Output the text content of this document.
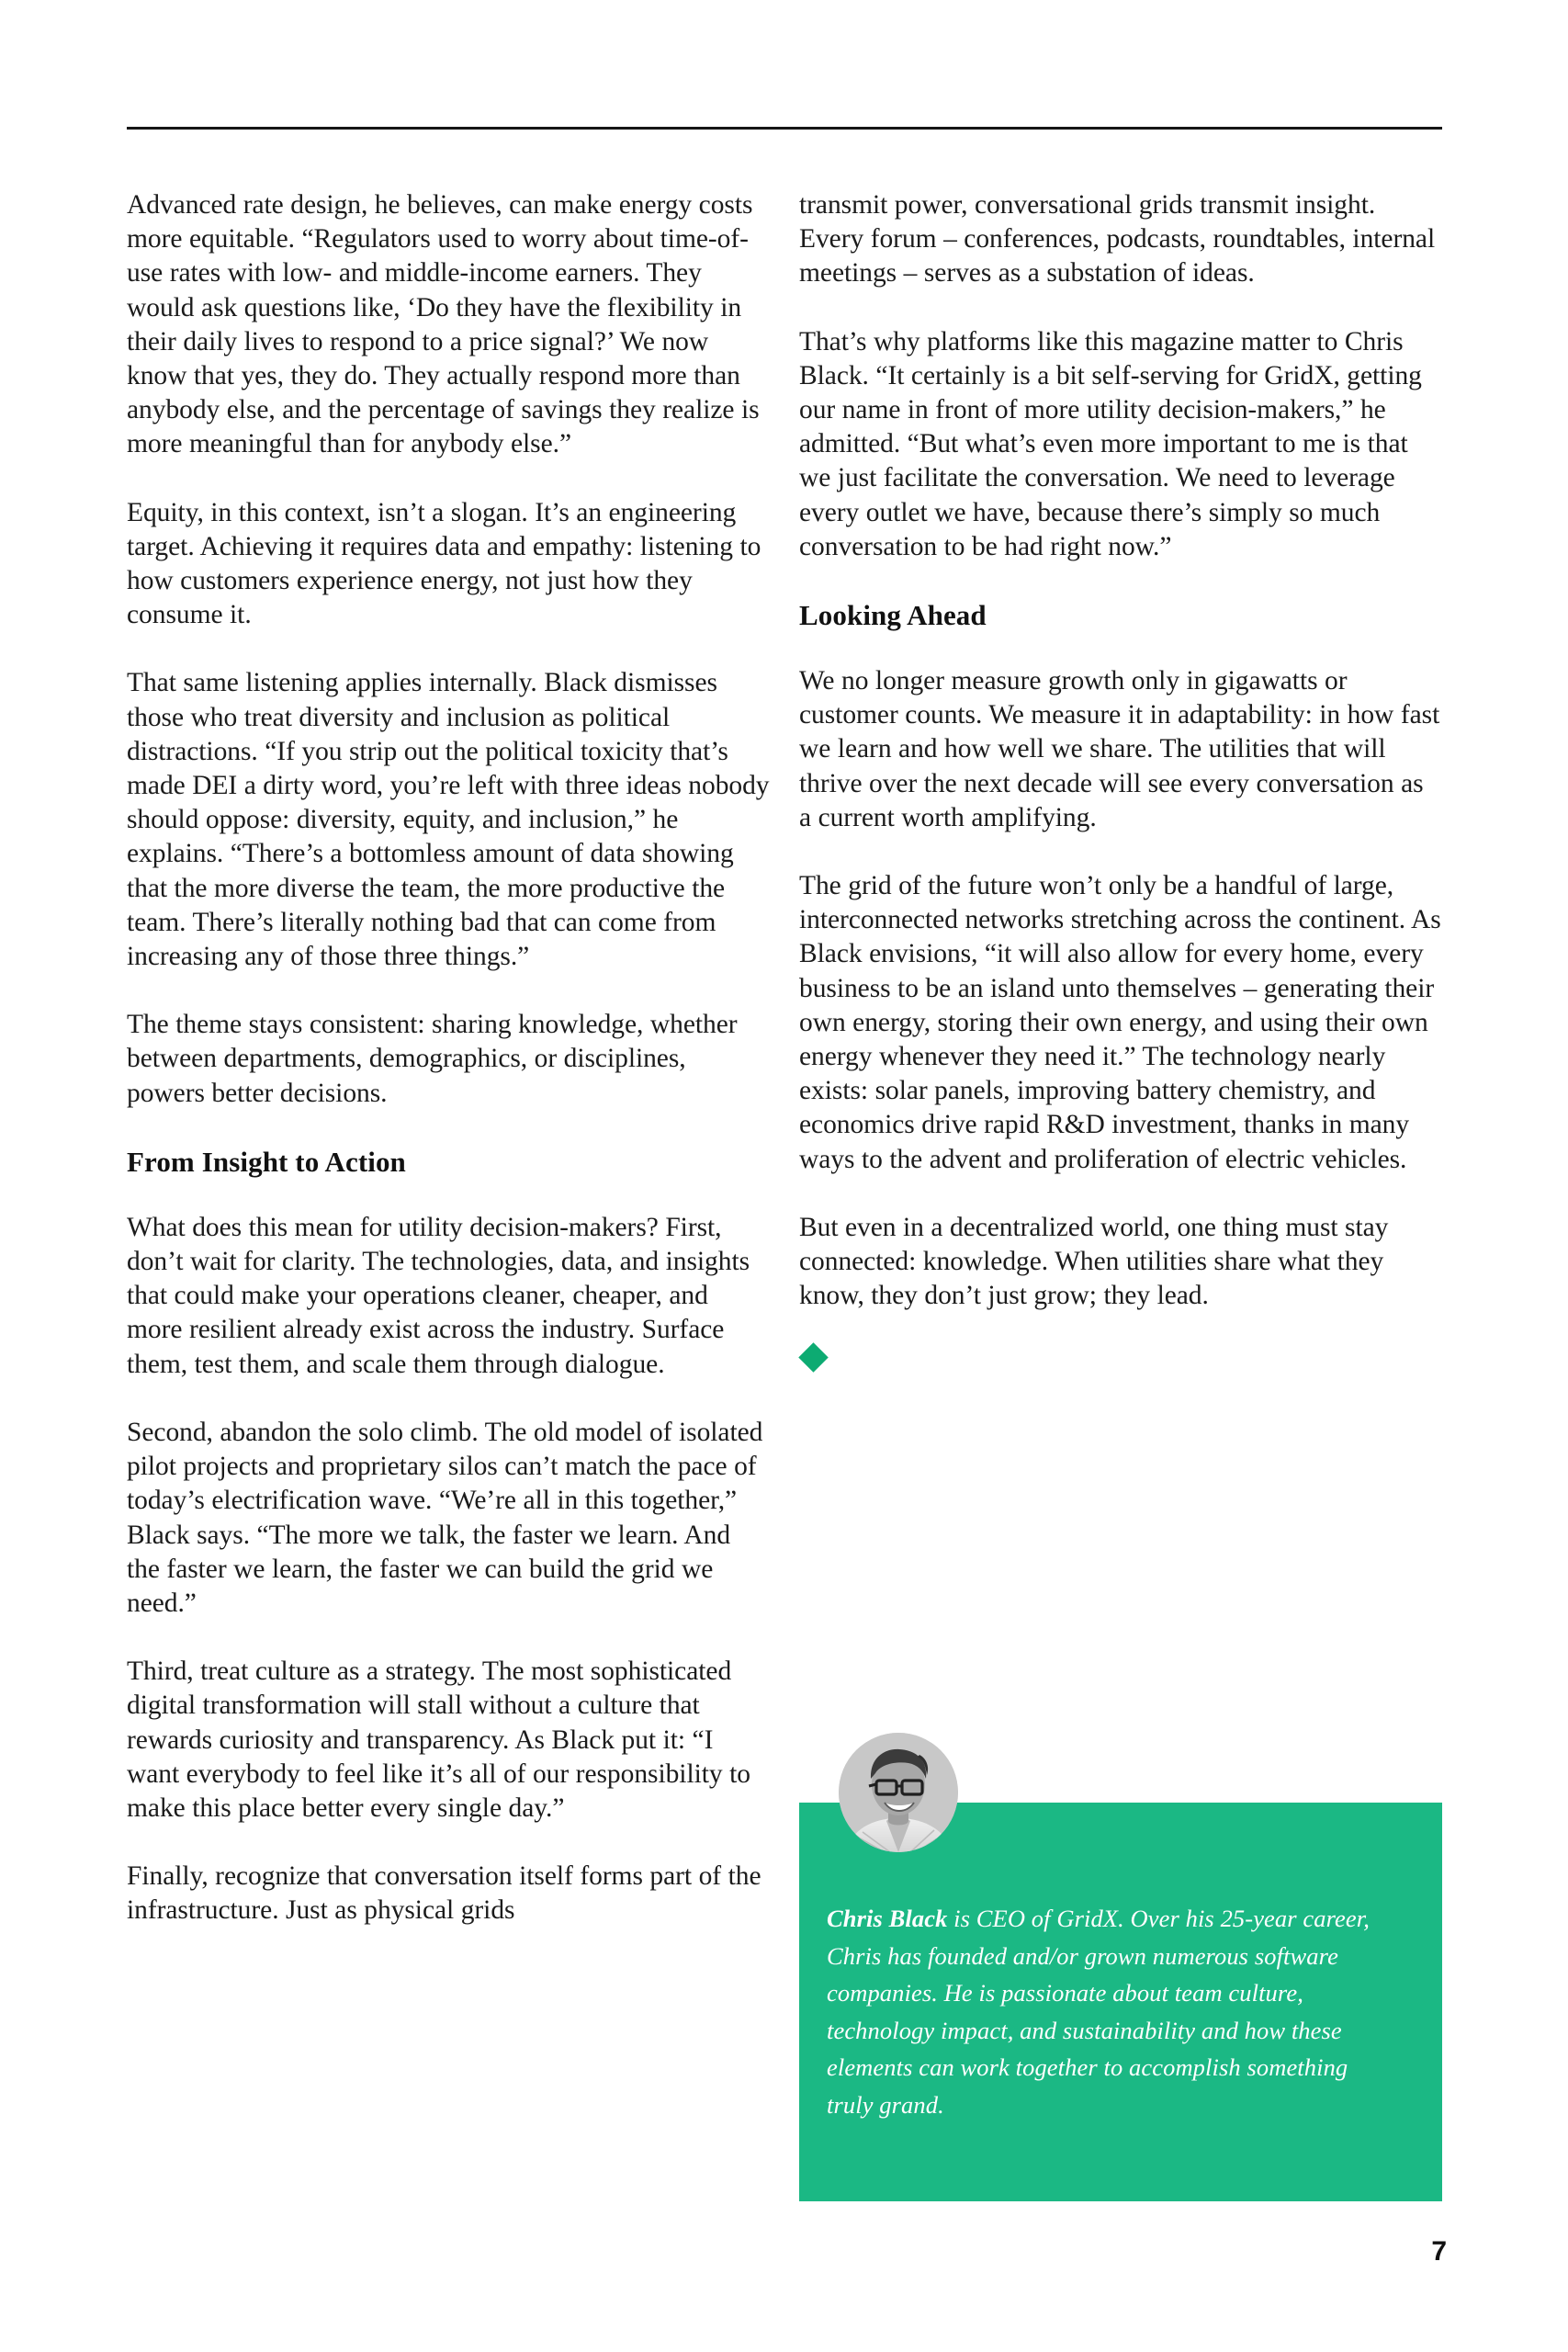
Advanced rate design, he believes, can make energy costs more equitable. “Regulators used to worry about time-of-use rates with low- and middle-income earners. They would ask questions like, ‘Do they have the flexibility in their daily lives to respond to a price signal?’ We now know that yes, they do. They actually respond more than anybody else, and the percentage of savings they realize is more meaningful than for anybody else.”

Equity, in this context, isn’t a slogan. It’s an engineering target. Achieving it requires data and empathy: listening to how customers experience energy, not just how they consume it.

That same listening applies internally. Black dismisses those who treat diversity and inclusion as political distractions. “If you strip out the political toxicity that’s made DEI a dirty word, you’re left with three ideas nobody should oppose: diversity, equity, and inclusion,” he explains. “There’s a bottomless amount of data showing that the more diverse the team, the more productive the team. There’s literally nothing bad that can come from increasing any of those three things.”

The theme stays consistent: sharing knowledge, whether between departments, demographics, or disciplines, powers better decisions.

From Insight to Action

What does this mean for utility decision-makers? First, don’t wait for clarity. The technologies, data, and insights that could make your operations cleaner, cheaper, and more resilient already exist across the industry. Surface them, test them, and scale them through dialogue.

Second, abandon the solo climb. The old model of isolated pilot projects and proprietary silos can’t match the pace of today’s electrification wave. “We’re all in this together,” Black says. “The more we talk, the faster we learn. And the faster we learn, the faster we can build the grid we need.”

Third, treat culture as a strategy. The most sophisticated digital transformation will stall without a culture that rewards curiosity and transparency. As Black put it: “I want everybody to feel like it’s all of our responsibility to make this place better every single day.”

Finally, recognize that conversation itself forms part of the infrastructure. Just as physical grids

transmit power, conversational grids transmit insight. Every forum – conferences, podcasts, roundtables, internal meetings – serves as a substation of ideas.

That’s why platforms like this magazine matter to Chris Black. “It certainly is a bit self-serving for GridX, getting our name in front of more utility decision-makers,” he admitted. “But what’s even more important to me is that we just facilitate the conversation. We need to leverage every outlet we have, because there’s simply so much conversation to be had right now.”

Looking Ahead

We no longer measure growth only in gigawatts or customer counts. We measure it in adaptability: in how fast we learn and how well we share. The utilities that will thrive over the next decade will see every conversation as a current worth amplifying.

The grid of the future won’t only be a handful of large, interconnected networks stretching across the continent. As Black envisions, “it will also allow for every home, every business to be an island unto themselves – generating their own energy, storing their own energy, and using their own energy whenever they need it.” The technology nearly exists: solar panels, improving battery chemistry, and economics drive rapid R&D investment, thanks in many ways to the advent and proliferation of electric vehicles.

But even in a decentralized world, one thing must stay connected: knowledge. When utilities share what they know, they don’t just grow; they lead.

Chris Black is CEO of GridX. Over his 25-year career, Chris has founded and/or grown numerous software companies. He is passionate about team culture, technology impact, and sustainability and how these elements can work together to accomplish something truly grand.
7
